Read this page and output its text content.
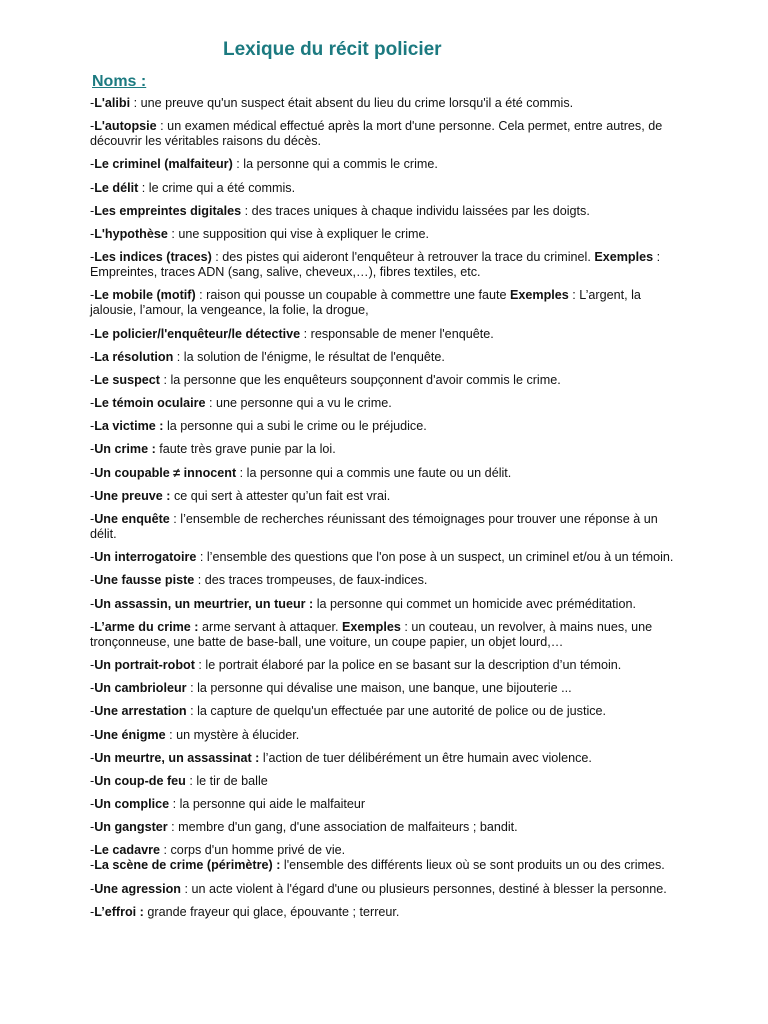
Lexique du récit policier
Noms :
-L'alibi : une preuve qu'un suspect était absent du lieu du crime lorsqu'il a été commis.
-L'autopsie : un examen médical effectué après la mort d'une personne. Cela permet, entre autres, de découvrir les véritables raisons du décès.
-Le criminel (malfaiteur) : la personne qui a commis le crime.
-Le délit : le crime qui a été commis.
-Les empreintes digitales : des traces uniques à chaque individu laissées par les doigts.
-L'hypothèse : une supposition qui vise à expliquer le crime.
-Les indices (traces) : des pistes qui aideront l'enquêteur à retrouver la trace du criminel. Exemples : Empreintes, traces ADN (sang, salive, cheveux,…), fibres textiles, etc.
-Le mobile (motif) : raison qui pousse un coupable à commettre une faute Exemples : L’argent, la jalousie, l’amour, la vengeance, la folie, la drogue,
-Le policier/l'enquêteur/le détective : responsable de mener l'enquête.
-La résolution : la solution de l'énigme, le résultat de l'enquête.
-Le suspect : la personne que les enquêteurs soupçonnent d'avoir commis le crime.
-Le témoin oculaire : une personne qui a vu le crime.
-La victime : la personne qui a subi le crime ou le préjudice.
-Un crime : faute très grave punie par la loi.
-Un coupable ≠ innocent : la personne qui a commis une faute ou un délit.
-Une preuve : ce qui sert à attester qu’un fait est vrai.
-Une enquête : l’ensemble de recherches réunissant des témoignages pour trouver une réponse à un délit.
-Un interrogatoire : l’ensemble des questions que l'on pose à un suspect, un criminel et/ou à un témoin.
-Une fausse piste : des traces trompeuses, de faux-indices.
-Un assassin, un meurtrier, un tueur : la personne qui commet un homicide avec préméditation.
-L’arme du crime : arme servant à attaquer. Exemples : un couteau, un revolver, à mains nues, une tronçonneuse, une batte de base-ball, une voiture, un coupe papier, un objet lourd,…
-Un portrait-robot : le portrait élaboré par la police en se basant sur la description d’un témoin.
-Un cambrioleur : la personne qui dévalise une maison, une banque, une bijouterie ...
-Une arrestation : la capture de quelqu'un effectuée par une autorité de police ou de justice.
-Une énigme : un mystère à élucider.
-Un meurtre, un assassinat : l’action de tuer délibérément un être humain avec violence.
-Un coup-de feu : le tir de balle
-Un complice : la personne qui aide le malfaiteur
-Un gangster : membre d'un gang, d'une association de malfaiteurs ; bandit.
-Le cadavre : corps d'un homme privé de vie.
-La scène de crime (périmètre) : l'ensemble des différents lieux où se sont produits un ou des crimes.
-Une agression : un acte violent à l'égard d'une ou plusieurs personnes, destiné à blesser la personne.
-L’effroi : grande frayeur qui glace, épouvante ; terreur.
